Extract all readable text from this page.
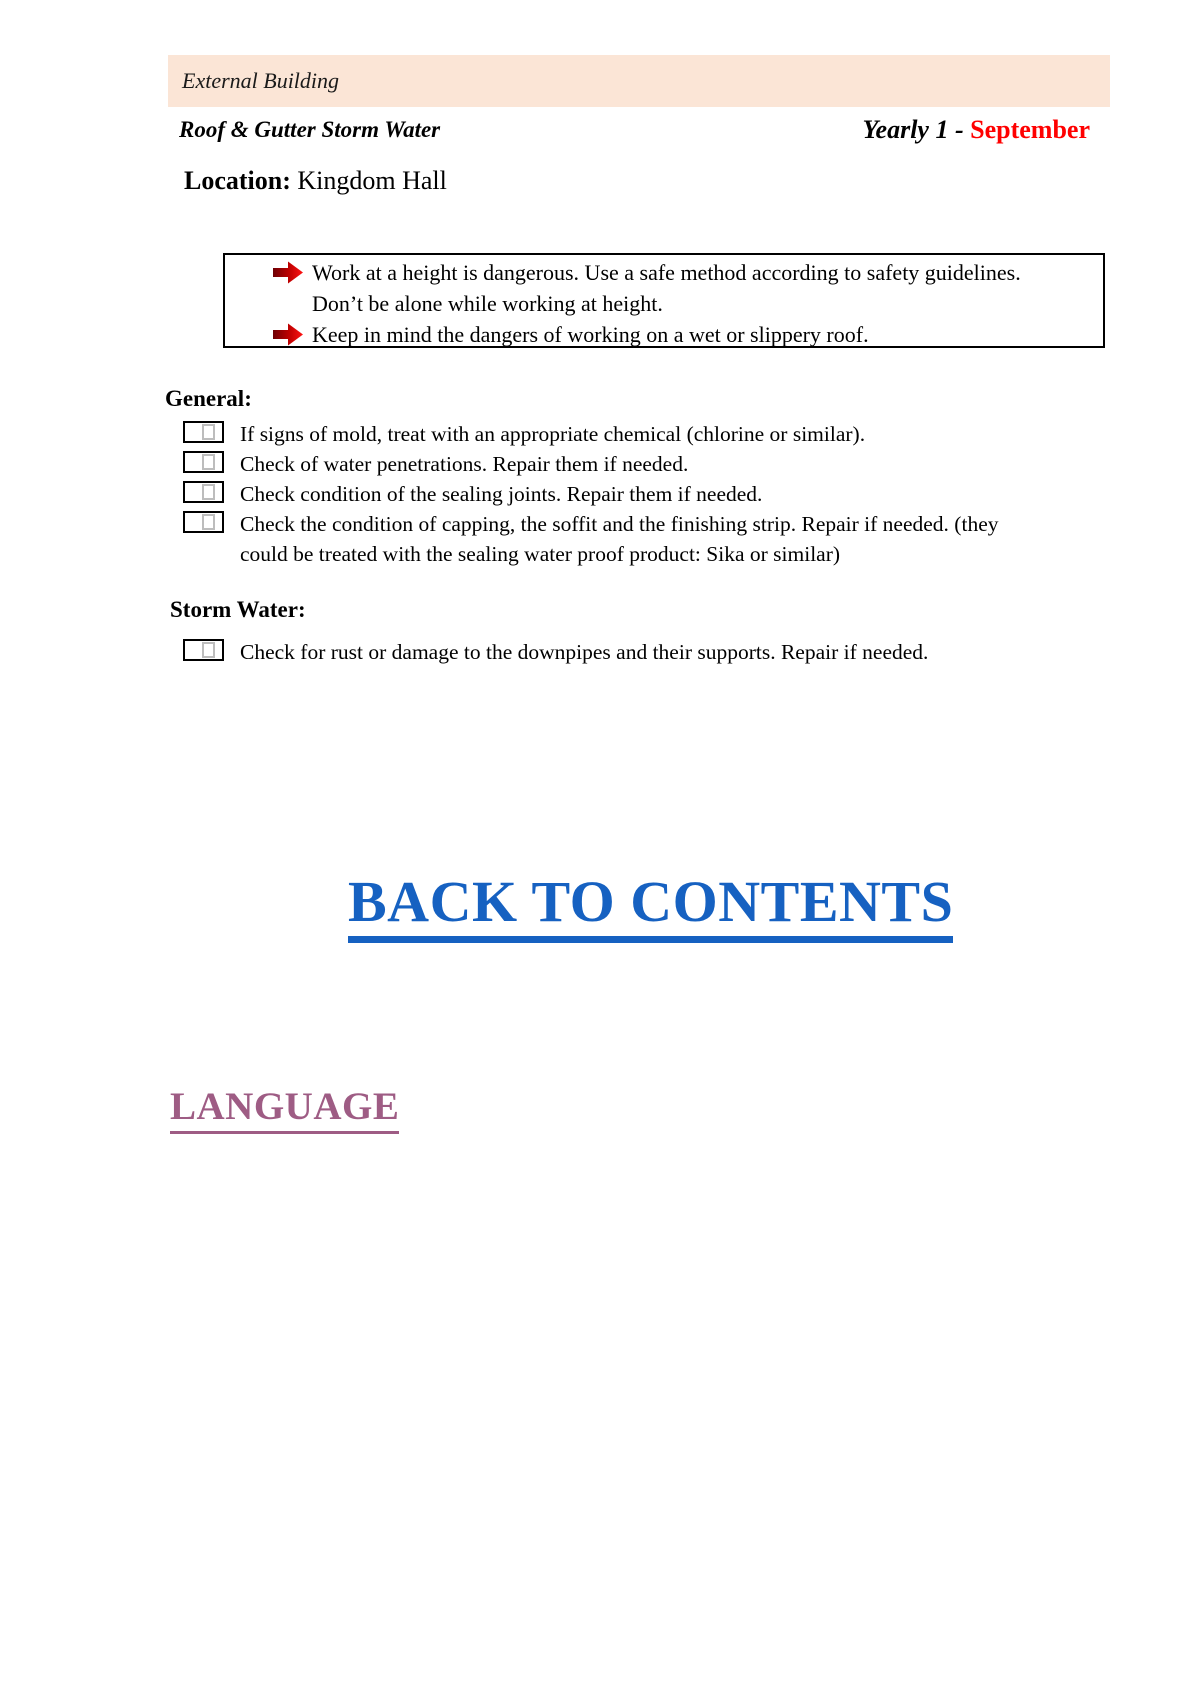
External Building
Roof & Gutter Storm Water	Yearly 1 - September
Location: Kingdom Hall
Work at a height is dangerous. Use a safe method according to safety guidelines.
Don’t be alone while working at height.
Keep in mind the dangers of working on a wet or slippery roof.
General:
If signs of mold, treat with an appropriate chemical (chlorine or similar).
Check of water penetrations. Repair them if needed.
Check condition of the sealing joints. Repair them if needed.
Check the condition of capping, the soffit and the finishing strip. Repair if needed. (they
could be treated with the sealing water proof product: Sika or similar)
Storm Water:
Check for rust or damage to the downpipes and their supports. Repair if needed.
BACK TO CONTENTS
LANGUAGE
